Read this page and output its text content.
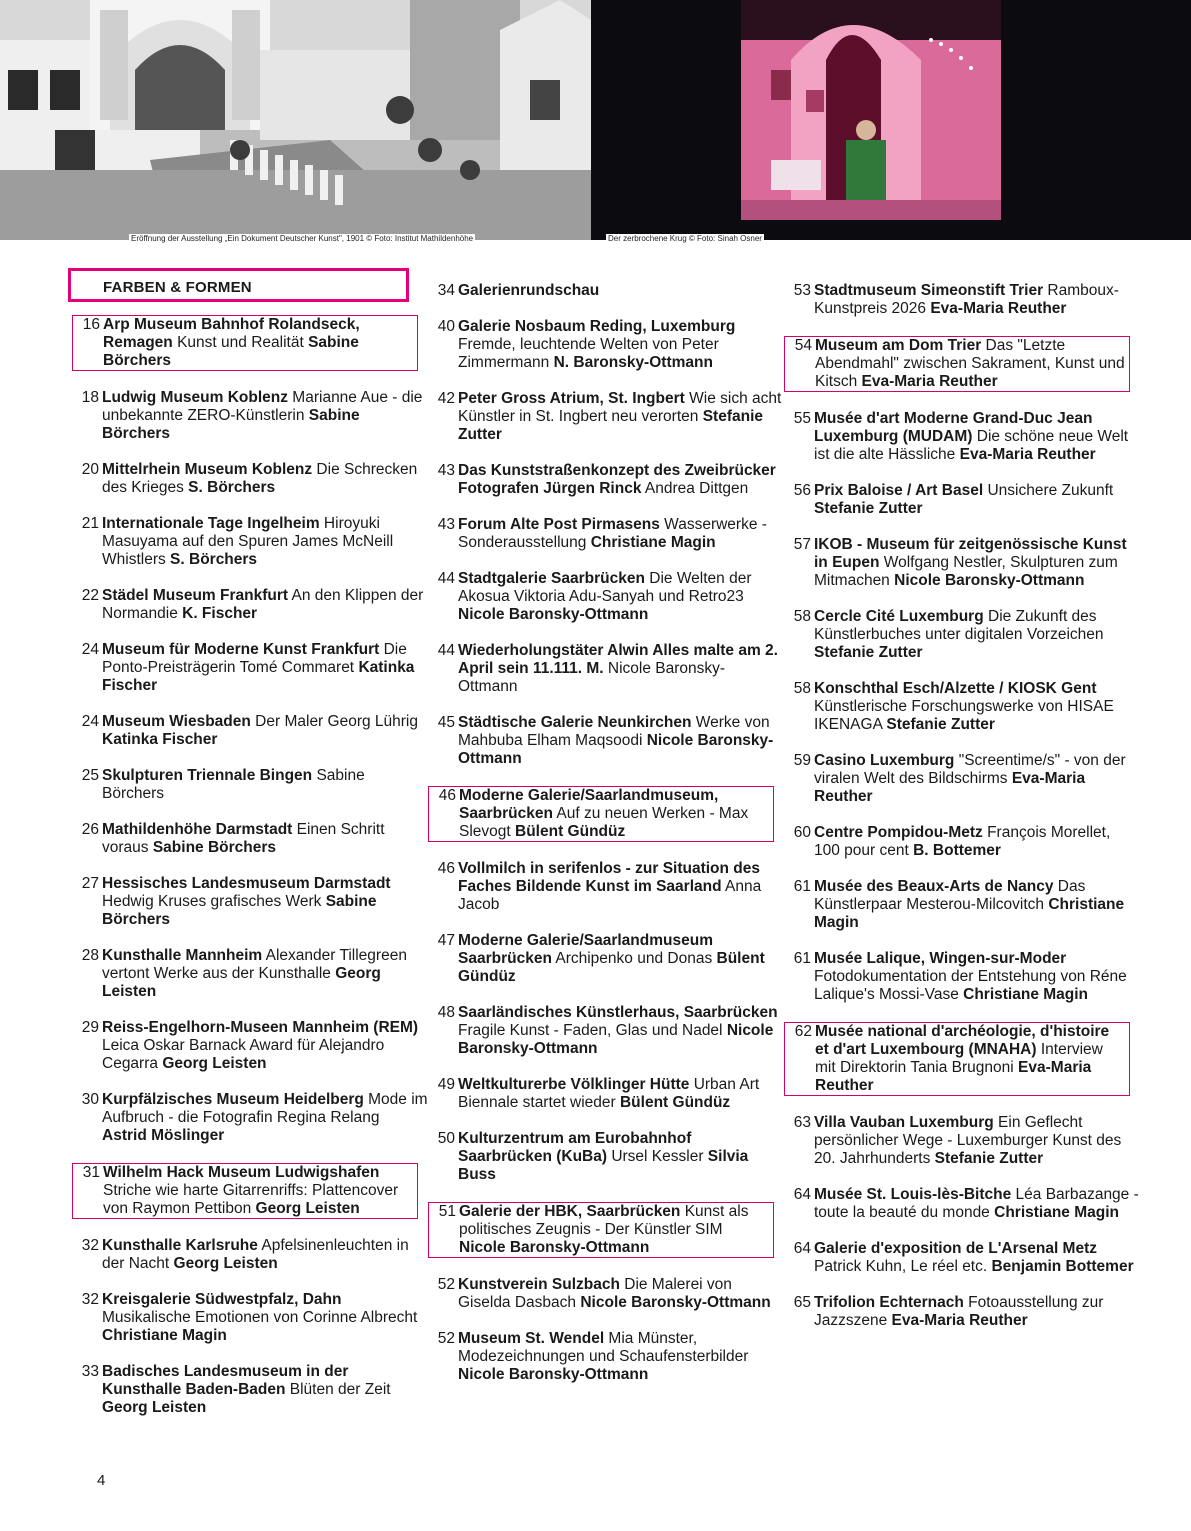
Eröffnung der Ausstellung „Ein Dokument Deutscher Kunst", 1901 © Foto: Institut Mathildenhöhe	Der zerbrochene Krug © Foto: Sinah Osner
FARBEN & FORMEN
16 Arp Museum Bahnhof Rolandseck, Remagen Kunst und Realität Sabine Börchers
18 Ludwig Museum Koblenz Marianne Aue - die unbekannte ZERO-Künstlerin Sabine Börchers
20 Mittelrhein Museum Koblenz Die Schrecken des Krieges S. Börchers
21 Internationale Tage Ingelheim Hiroyuki Masuyama auf den Spuren James McNeill Whistlers S. Börchers
22 Städel Museum Frankfurt An den Klippen der Normandie K. Fischer
24 Museum für Moderne Kunst Frankfurt Die Ponto-Preisträgerin Tomé Commaret Katinka Fischer
24 Museum Wiesbaden Der Maler Georg Lührig Katinka Fischer
25 Skulpturen Triennale Bingen Sabine Börchers
26 Mathildenhöhe Darmstadt Einen Schritt voraus Sabine Börchers
27 Hessisches Landesmuseum Darmstadt Hedwig Kruses grafisches Werk Sabine Börchers
28 Kunsthalle Mannheim Alexander Tillegreen vertont Werke aus der Kunsthalle Georg Leisten
29 Reiss-Engelhorn-Museen Mannheim (REM) Leica Oskar Barnack Award für Alejandro Cegarra Georg Leisten
30 Kurpfälzisches Museum Heidelberg Mode im Aufbruch - die Fotografin Regina Relang Astrid Möslinger
31 Wilhelm Hack Museum Ludwigshafen Striche wie harte Gitarrenriffs: Plattencover von Raymon Pettibon Georg Leisten
32 Kunsthalle Karlsruhe Apfelsinenleuchten in der Nacht Georg Leisten
32 Kreisgalerie Südwestpfalz, Dahn Musikalische Emotionen von Corinne Albrecht Christiane Magin
33 Badisches Landesmuseum in der Kunsthalle Baden-Baden Blüten der Zeit Georg Leisten
34 Galerienrundschau
40 Galerie Nosbaum Reding, Luxemburg Fremde, leuchtende Welten von Peter Zimmermann N. Baronsky-Ottmann
42 Peter Gross Atrium, St. Ingbert Wie sich acht Künstler in St. Ingbert neu verorten Stefanie Zutter
43 Das Kunststraßenkonzept des Zweibrücker Fotografen Jürgen Rinck Andrea Dittgen
43 Forum Alte Post Pirmasens Wasserwerke - Sonderausstellung Christiane Magin
44 Stadtgalerie Saarbrücken Die Welten der Akosua Viktoria Adu-Sanyah und Retro23 Nicole Baronsky-Ottmann
44 Wiederholungstäter Alwin Alles malte am 2. April sein 11.111. M. Nicole Baronsky-Ottmann
45 Städtische Galerie Neunkirchen Werke von Mahbuba Elham Maqsoodi Nicole Baronsky-Ottmann
46 Moderne Galerie/Saarlandmuseum, Saarbrücken Auf zu neuen Werken - Max Slevogt Bülent Gündüz
46 Vollmilch in serifenlos - zur Situation des Faches Bildende Kunst im Saarland Anna Jacob
47 Moderne Galerie/Saarlandmuseum Saarbrücken Archipenko und Donas Bülent Gündüz
48 Saarländisches Künstlerhaus, Saarbrücken Fragile Kunst - Faden, Glas und Nadel Nicole Baronsky-Ottmann
49 Weltkulturerbe Völklinger Hütte Urban Art Biennale startet wieder Bülent Gündüz
50 Kulturzentrum am Eurobahnhof Saarbrücken (KuBa) Ursel Kessler Silvia Buss
51 Galerie der HBK, Saarbrücken Kunst als politisches Zeugnis - Der Künstler SIM Nicole Baronsky-Ottmann
52 Kunstverein Sulzbach Die Malerei von Giselda Dasbach Nicole Baronsky-Ottmann
52 Museum St. Wendel Mia Münster, Modezeichnungen und Schaufensterbilder Nicole Baronsky-Ottmann
53 Stadtmuseum Simeonstift Trier Ramboux-Kunstpreis 2026 Eva-Maria Reuther
54 Museum am Dom Trier Das "Letzte Abendmahl" zwischen Sakrament, Kunst und Kitsch Eva-Maria Reuther
55 Musée d'art Moderne Grand-Duc Jean Luxemburg (MUDAM) Die schöne neue Welt ist die alte Hässliche Eva-Maria Reuther
56 Prix Baloise / Art Basel Unsichere Zukunft Stefanie Zutter
57 IKOB - Museum für zeitgenössische Kunst in Eupen Wolfgang Nestler, Skulpturen zum Mitmachen Nicole Baronsky-Ottmann
58 Cercle Cité Luxemburg Die Zukunft des Künstlerbuches unter digitalen Vorzeichen Stefanie Zutter
58 Konschthal Esch/Alzette / KIOSK Gent Künstlerische Forschungswerke von HISAE IKENAGA Stefanie Zutter
59 Casino Luxemburg "Screentime/s" - von der viralen Welt des Bildschirms Eva-Maria Reuther
60 Centre Pompidou-Metz François Morellet, 100 pour cent B. Bottemer
61 Musée des Beaux-Arts de Nancy Das Künstlerpaar Mesterou-Milcovitch Christiane Magin
61 Musée Lalique, Wingen-sur-Moder Fotodokumentation der Entstehung von Réne Lalique's Mossi-Vase Christiane Magin
62 Musée national d'archéologie, d'histoire et d'art Luxembourg (MNAHA) Interview mit Direktorin Tania Brugnoni Eva-Maria Reuther
63 Villa Vauban Luxemburg Ein Geflecht persönlicher Wege - Luxemburger Kunst des 20. Jahrhunderts Stefanie Zutter
64 Musée St. Louis-lès-Bitche Léa Barbazange - toute la beauté du monde Christiane Magin
64 Galerie d'exposition de L'Arsenal Metz Patrick Kuhn, Le réel etc. Benjamin Bottemer
65 Trifolion Echternach Fotoausstellung zur Jazzszene Eva-Maria Reuther
4
